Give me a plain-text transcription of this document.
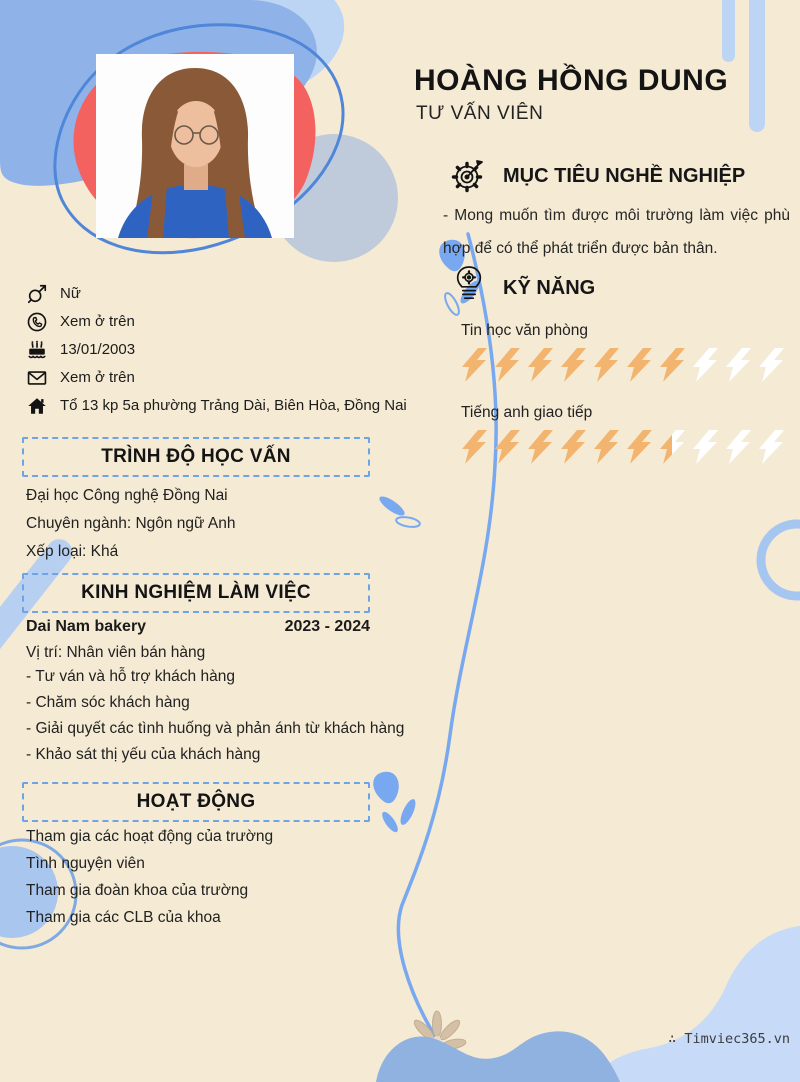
HOÀNG HỒNG DUNG
TƯ VẤN VIÊN
MỤC TIÊU NGHỀ NGHIỆP
- Mong muốn tìm được môi trường làm việc phù hợp để có thể phát triển được bản thân.
KỸ NĂNG
Tin học văn phòng
Tiếng anh giao tiếp
Nữ
Xem ở trên
13/01/2003
Xem ở trên
Tổ 13 kp 5a phường Trảng Dài, Biên Hòa, Đồng Nai
TRÌNH ĐỘ HỌC VẤN

Đại học Công nghệ Đồng Nai

Chuyên ngành: Ngôn ngữ Anh

Xếp loại: Khá

KINH NGHIỆM LÀM VIỆC
Dai Nam bakery	2023 - 2024
Vị trí: Nhân viên bán hàng

- Tư ván và hỗ trợ khách hàng

- Chăm sóc khách hàng

- Giải quyết các tình huống và phản ánh từ khách hàng

- Khảo sát thị yếu của khách hàng

HOẠT ĐỘNG

Tham gia các hoạt động của trường

Tình nguyện viên

Tham gia đoàn khoa của trường

Tham gia các CLB của khoa

∴ Timviec365.vn
